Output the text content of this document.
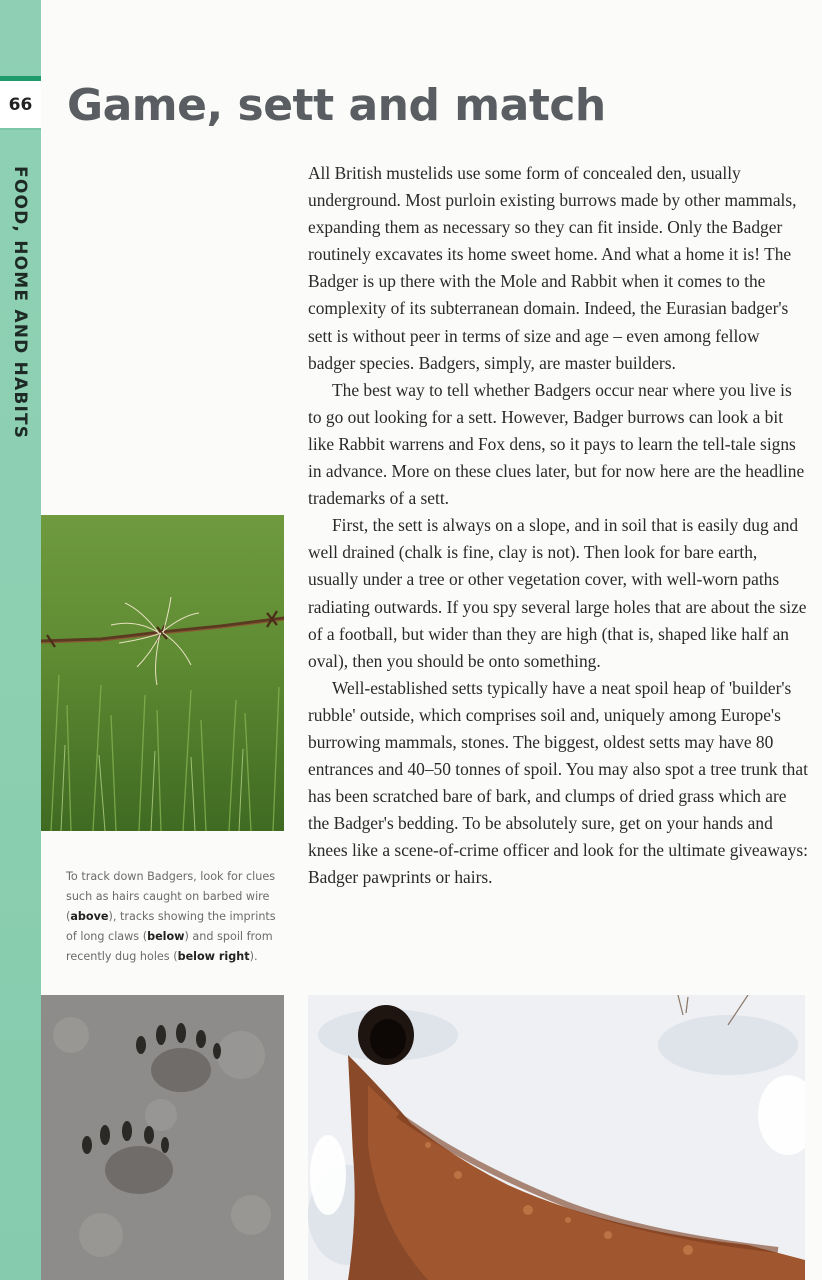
66
FOOD, HOME AND HABITS
Game, sett and match

All British mustelids use some form of concealed den, usually underground. Most purloin existing burrows made by other mammals, expanding them as necessary so they can fit inside. Only the Badger routinely excavates its home sweet home. And what a home it is! The Badger is up there with the Mole and Rabbit when it comes to the complexity of its subterranean domain. Indeed, the Eurasian badger's sett is without peer in terms of size and age – even among fellow badger species. Badgers, simply, are master builders.

The best way to tell whether Badgers occur near where you live is to go out looking for a sett. However, Badger burrows can look a bit like Rabbit warrens and Fox dens, so it pays to learn the tell-tale signs in advance. More on these clues later, but for now here are the headline trademarks of a sett.

First, the sett is always on a slope, and in soil that is easily dug and well drained (chalk is fine, clay is not). Then look for bare earth, usually under a tree or other vegetation cover, with well-worn paths radiating outwards. If you spy several large holes that are about the size of a football, but wider than they are high (that is, shaped like half an oval), then you should be onto something.

Well-established setts typically have a neat spoil heap of 'builder's rubble' outside, which comprises soil and, uniquely among Europe's burrowing mammals, stones. The biggest, oldest setts may have 80 entrances and 40–50 tonnes of spoil. You may also spot a tree trunk that has been scratched bare of bark, and clumps of dried grass which are the Badger's bedding. To be absolutely sure, get on your hands and knees like a scene-of-crime officer and look for the ultimate giveaways: Badger pawprints or hairs.

To track down Badgers, look for clues such as hairs caught on barbed wire (above), tracks showing the imprints of long claws (below) and spoil from recently dug holes (below right).
